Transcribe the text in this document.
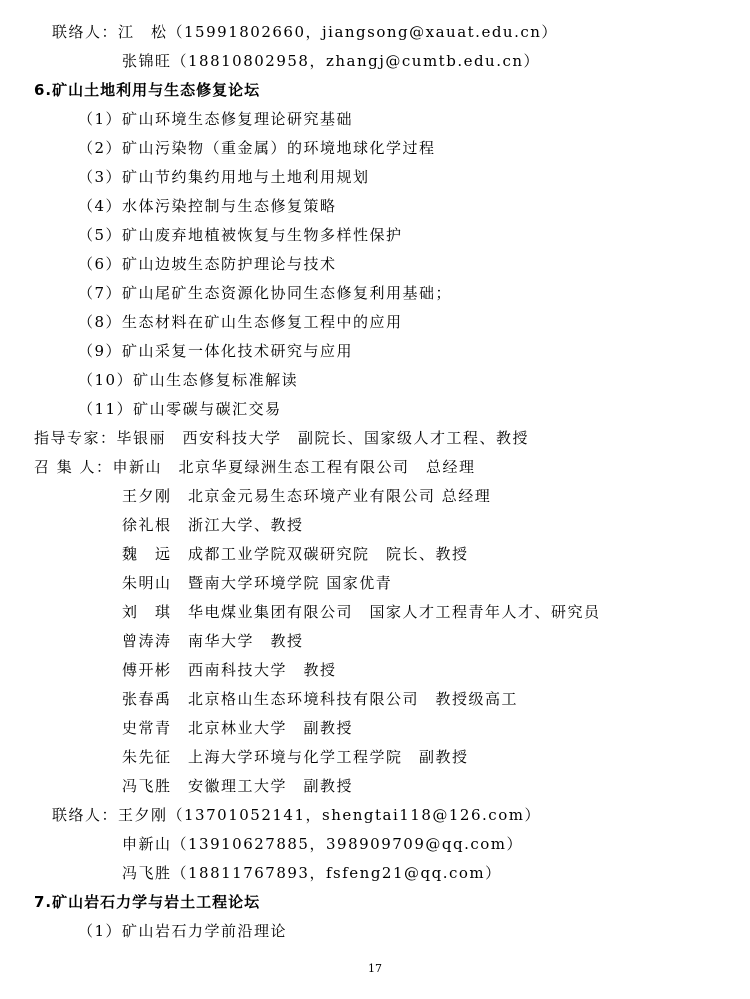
联络人：江　松（15991802660，jiangsong@xauat.edu.cn）
张锦旺（18810802958，zhangj@cumtb.edu.cn）
6.矿山土地利用与生态修复论坛
（1）矿山环境生态修复理论研究基础
（2）矿山污染物（重金属）的环境地球化学过程
（3）矿山节约集约用地与土地利用规划
（4）水体污染控制与生态修复策略
（5）矿山废弃地植被恢复与生物多样性保护
（6）矿山边坡生态防护理论与技术
（7）矿山尾矿生态资源化协同生态修复利用基础；
（8）生态材料在矿山生态修复工程中的应用
（9）矿山采复一体化技术研究与应用
（10）矿山生态修复标准解读
（11）矿山零碳与碳汇交易
指导专家：毕银丽　西安科技大学　副院长、国家级人才工程、教授
召 集 人：申新山　北京华夏绿洲生态工程有限公司　总经理
王夕刚　北京金元易生态环境产业有限公司 总经理
徐礼根　浙江大学、教授
魏　远　成都工业学院双碳研究院　院长、教授
朱明山　暨南大学环境学院 国家优青
刘　琪　华电煤业集团有限公司　国家人才工程青年人才、研究员
曾涛涛　南华大学　教授
傅开彬　西南科技大学　教授
张春禹　北京格山生态环境科技有限公司　教授级高工
史常青　北京林业大学　副教授
朱先征　上海大学环境与化学工程学院　副教授
冯飞胜　安徽理工大学　副教授
联络人：王夕刚（13701052141，shengtai118@126.com）
申新山（13910627885，398909709@qq.com）
冯飞胜（18811767893，fsfeng21@qq.com）
7.矿山岩石力学与岩土工程论坛
（1）矿山岩石力学前沿理论
17
